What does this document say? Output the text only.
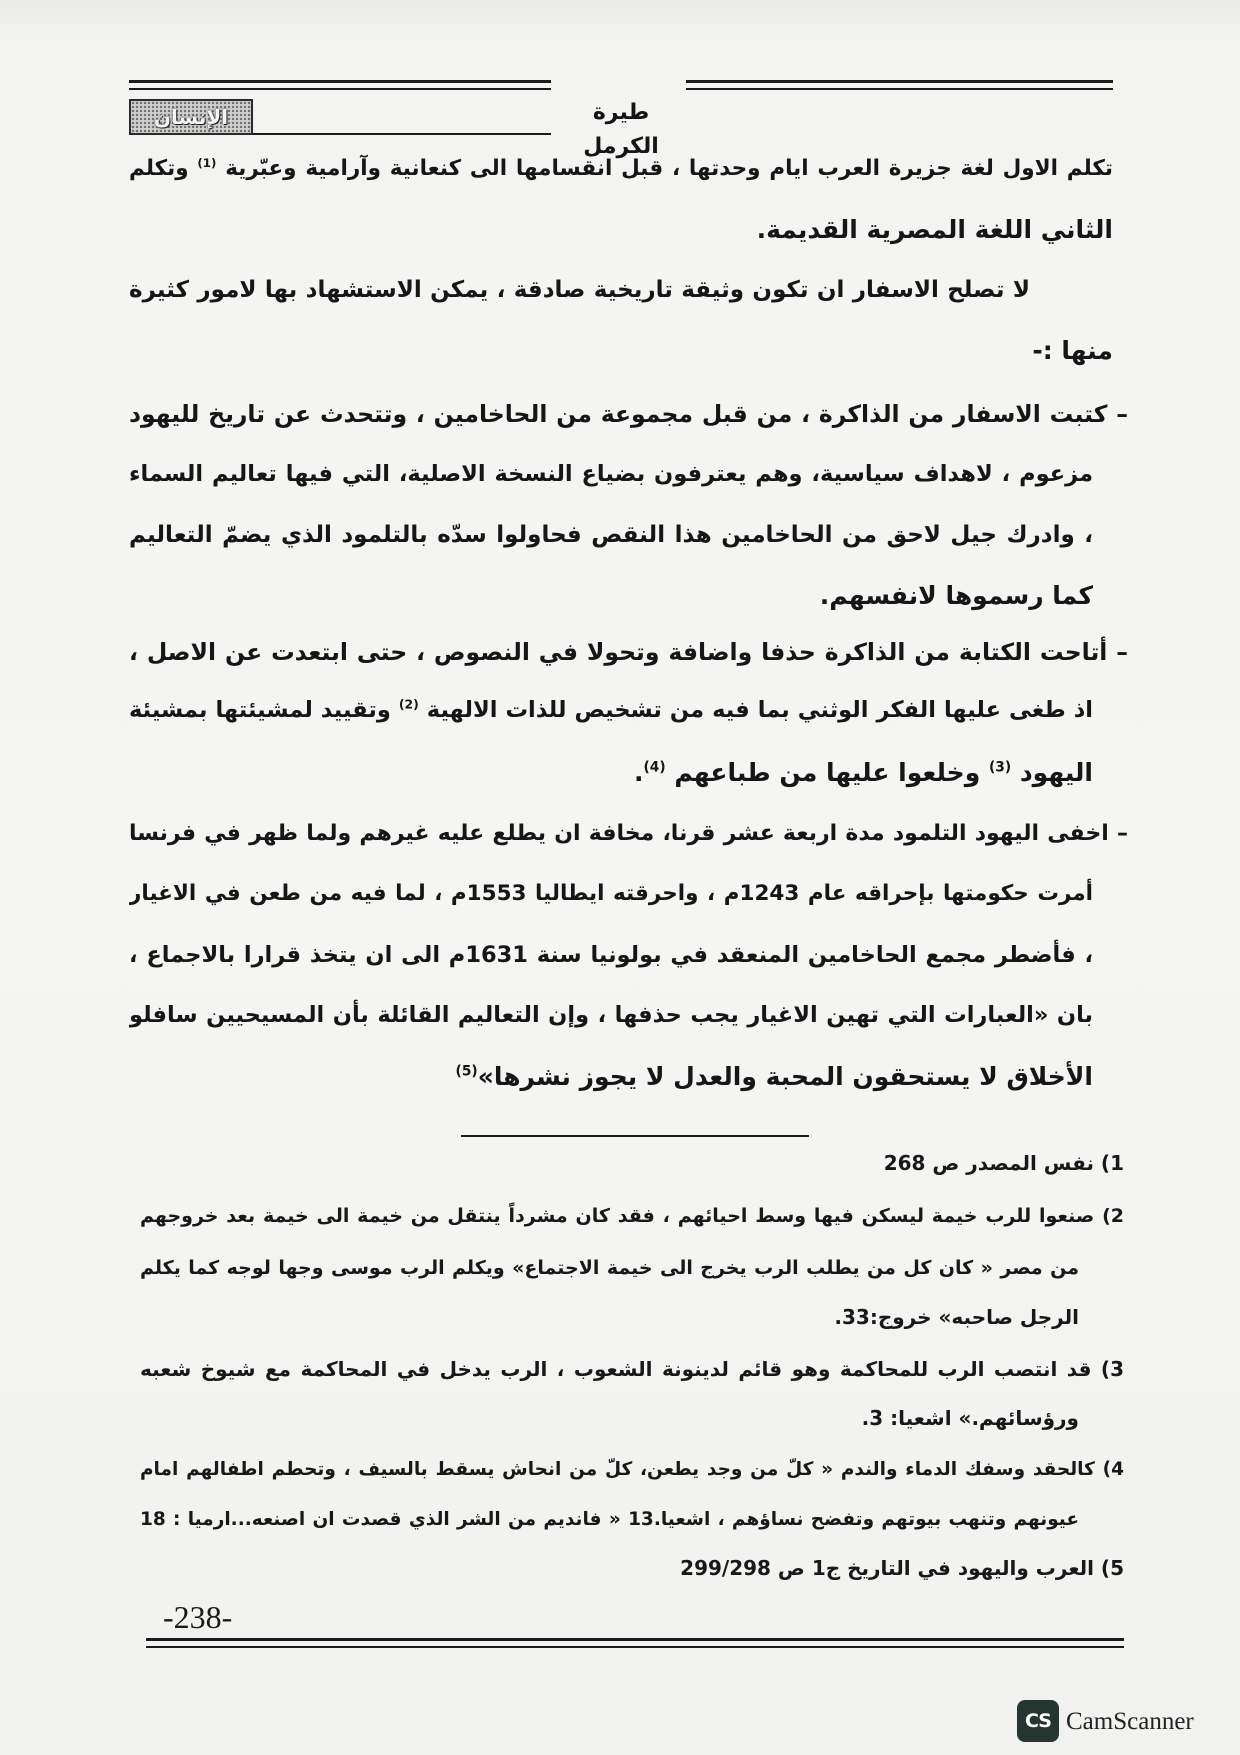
طيرة الكرمل
الإنسان
تكلم الاول لغة جزيرة العرب ايام وحدتها ، قبل انقسامها الى كنعانية وآرامية وعبّرية $^{(1)}$ وتكلم
الثاني اللغة المصرية القديمة.
لا تصلح الاسفار ان تكون وثيقة تاريخية صادقة ، يمكن الاستشهاد بها لامور كثيرة
منها :-
– كتبت الاسفار من الذاكرة ، من قبل مجموعة من الحاخامين ، وتتحدث عن تاريخ لليهود
مزعوم ، لاهداف سياسية، وهم يعترفون بضياع النسخة الاصلية، التي فيها تعاليم السماء
، وادرك جيل لاحق من الحاخامين هذا النقص فحاولوا سدّه بالتلمود الذي يضمّ التعاليم
كما رسموها لانفسهم.
– أتاحت الكتابة من الذاكرة حذفا واضافة وتحولا في النصوص ، حتى ابتعدت عن الاصل ،
اذ طغى عليها الفكر الوثني بما فيه من تشخيص للذات الالهية $^{(2)}$ وتقييد لمشيئتها بمشيئة
اليهود $^{(3)}$ وخلعوا عليها من طباعهم $^{(4)}$.
– اخفى اليهود التلمود مدة اربعة عشر قرنا، مخافة ان يطلع عليه غيرهم ولما ظهر في فرنسا
أمرت حكومتها بإحراقه عام 1243م ، واحرقته ايطاليا 1553م ، لما فيه من طعن في الاغيار
، فأضطر مجمع الحاخامين المنعقد في بولونيا سنة 1631م الى ان يتخذ قرارا بالاجماع ،
بان «العبارات التي تهين الاغيار يجب حذفها ، وإن التعاليم القائلة بأن المسيحيين سافلو
الأخلاق لا يستحقون المحبة والعدل لا يجوز نشرها»$^{(5)}$
1) نفس المصدر ص 268
2) صنعوا للرب خيمة ليسكن فيها وسط احيائهم ، فقد كان مشرداً ينتقل من خيمة الى خيمة بعد خروجهم
من مصر « كان كل من يطلب الرب يخرج الى خيمة الاجتماع» ويكلم الرب موسى وجها لوجه كما يكلم
الرجل صاحبه» خروج:33.
3) قد انتصب الرب للمحاكمة وهو قائم لدينونة الشعوب ، الرب يدخل في المحاكمة مع شيوخ شعبه
ورؤسائهم.» اشعيا: 3.
4) كالحقد وسفك الدماء والندم « كلّ من وجد يطعن، كلّ من انحاش يسقط بالسيف ، وتحطم اطفالهم امام
عيونهم وتنهب بيوتهم وتفضح نساؤهم ، اشعيا.13 « فانديم من الشر الذي قصدت ان اصنعه...ارميا : 18
5) العرب واليهود في التاريخ ج1 ص 299/298
-238-
CS CamScanner
